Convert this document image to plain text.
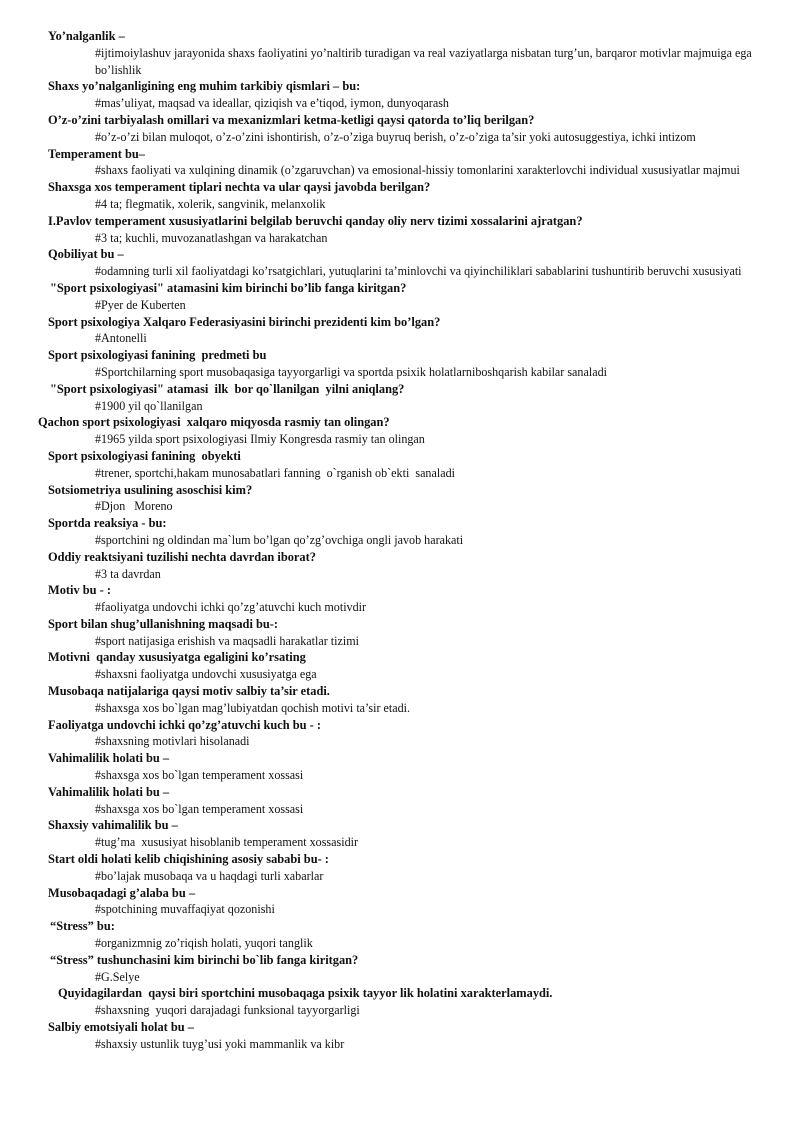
Yo’nalganlik –

#ijtimoiylashuv jarayonida shaxs faoliyatini yo’naltirib turadigan va real vaziyatlarga nisbatan turg’un, barqaror motivlar majmuiga ega bo’lishlik

Shaxs yo’nalganligining eng muhim tarkibiy qismlari – bu:

#mas’uliyat, maqsad va ideallar, qiziqish va e’tiqod, iymon, dunyoqarash

O’z-o’zini tarbiyalash omillari va mexanizmlari ketma-ketligi qaysi qatorda to’liq berilgan?

#o’z-o’zi bilan muloqot, o’z-o’zini ishontirish, o’z-o’ziga buyruq berish, o’z-o’ziga ta’sir yoki autosuggestiya, ichki intizom

Temperament bu–

#shaxs faoliyati va xulqining dinamik (o’zgaruvchan) va emosional-hissiy tomonlarini xarakterlovchi individual xususiyatlar majmui

Shaxsga xos temperament tiplari nechta va ular qaysi javobda berilgan?

#4 ta; flegmatik, xolerik, sangvinik, melanxolik

I.Pavlov temperament xususiyatlarini belgilab beruvchi qanday oliy nerv tizimi xossalarini ajratgan?

#3 ta; kuchli, muvozanatlashgan va harakatchan

Qobiliyat bu –

#odamning turli xil faoliyatdagi ko’rsatgichlari, yutuqlarini ta’minlovchi va qiyinchiliklari sabablarini tushuntirib beruvchi xususiyati

"Sport psixologiyasi" atamasini kim birinchi bo’lib fanga kiritgan?

#Pyer de Kuberten

Sport psixologiya Xalqaro Federasiyasini birinchi prezidenti kim bo’lgan?

#Antonelli

Sport psixologiyasi fanining  predmeti bu

#Sportchilarning sport musobaqasiga tayyorgarligi va sportda psixik holatlarniboshqarish kabilar sanaladi

"Sport psixologiyasi" atamasi  ilk  bor qo`llanilgan  yilni aniqlang?

#1900 yil qo`llanilgan

Qachon sport psixologiyasi  xalqaro miqyosda rasmiy tan olingan?

#1965 yilda sport psixologiyasi Ilmiy Kongresda rasmiy tan olingan

Sport psixologiyasi fanining  obyekti

#trener, sportchi,hakam munosabatlari fanning  o`rganish ob`ekti  sanaladi

Sotsiometriya usulining asoschisi kim?

#Djon   Moreno

Sportda reaksiya - bu:

#sportchini ng oldindan ma`lum bo’lgan qo’zg’ovchiga ongli javob harakati

Oddiy reaktsiyani tuzilishi nechta davrdan iborat?

#3 ta davrdan

Motiv bu - :

#faoliyatga undovchi ichki qo’zg’atuvchi kuch motivdir

Sport bilan shug’ullanishning maqsadi bu-:

#sport natijasiga erishish va maqsadli harakatlar tizimi

Motivni  qanday xususiyatga egaligini ko’rsating

#shaxsni faoliyatga undovchi xususiyatga ega

Musobaqa natijalariga qaysi motiv salbiy ta’sir etadi.

#shaxsga xos bo`lgan mag’lubiyatdan qochish motivi ta’sir etadi.

Faoliyatga undovchi ichki qo’zg’atuvchi kuch bu - :

#shaxsning motivlari hisolanadi

Vahimalilik holati bu –

#shaxsga xos bo`lgan temperament xossasi

Vahimalilik holati bu –

#shaxsga xos bo`lgan temperament xossasi

Shaxsiy vahimalilik bu –

#tug’ma  xususiyat hisoblanib temperament xossasidir

Start oldi holati kelib chiqishining asosiy sababi bu- :

#bo’lajak musobaqa va u haqdagi turli xabarlar

Musobaqadagi g’alaba bu –

#spotchining muvaffaqiyat qozonishi

“Stress” bu:

#organizmnig zo’riqish holati, yuqori tanglik

“Stress” tushunchasini kim birinchi bo`lib fanga kiritgan?

#G.Selye

Quyidagilardan  qaysi biri sportchini musobaqaga psixik tayyor lik holatini xarakterlamaydi.

#shaxsning  yuqori darajadagi funksional tayyorgarligi

Salbiy emotsiyali holat bu –

#shaxsiy ustunlik tuyg’usi yoki mammanlik va kibr
